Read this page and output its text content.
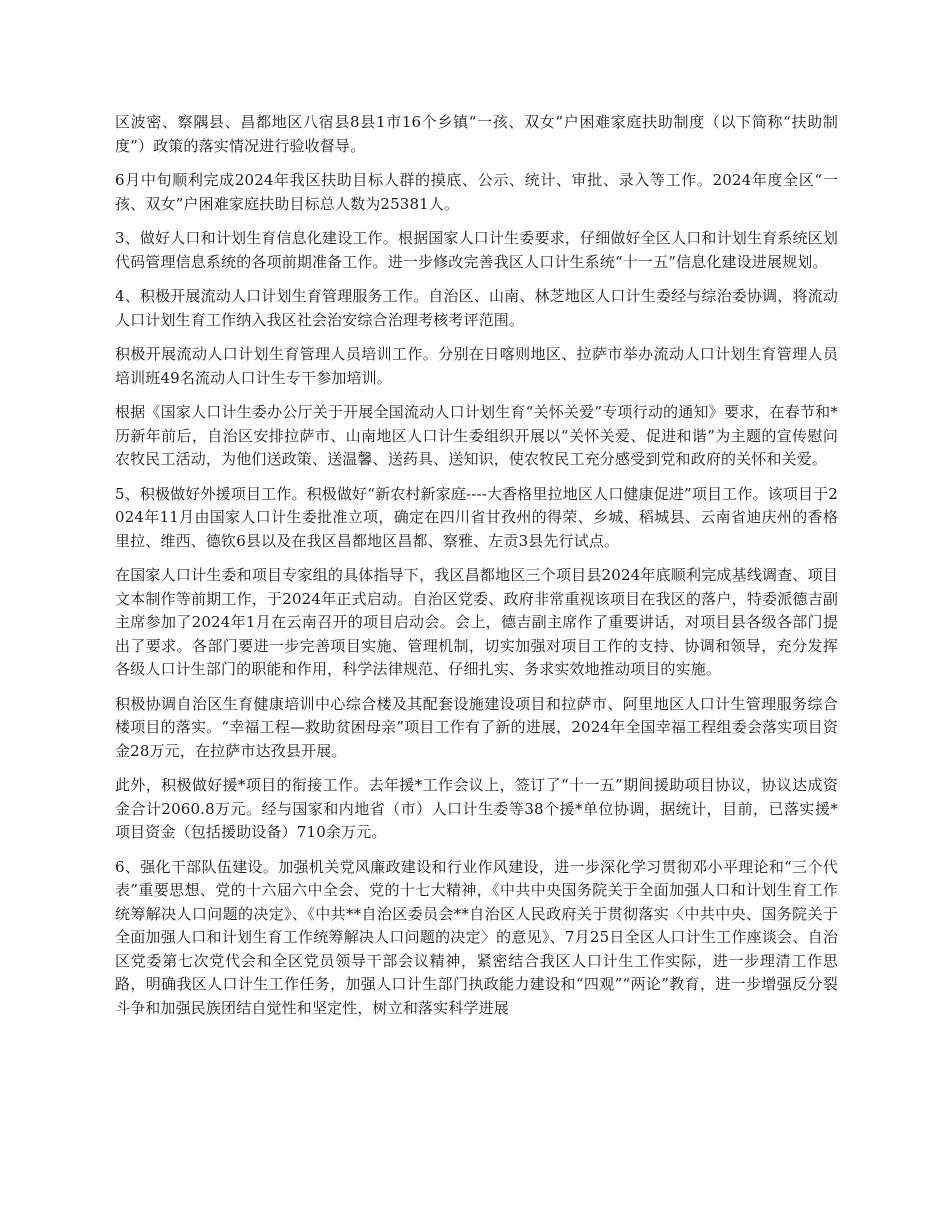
区波密、察隅县、昌都地区八宿县8县1市16个乡镇“一孩、双女”户困难家庭扶助制度（以下简称“扶助制度”）政策的落实情况进行验收督导。

6月中旬顺利完成2024年我区扶助目标人群的摸底、公示、统计、审批、录入等工作。2024年度全区“一孩、双女”户困难家庭扶助目标总人数为25381人。

3、做好人口和计划生育信息化建设工作。根据国家人口计生委要求，仔细做好全区人口和计划生育系统区划代码管理信息系统的各项前期准备工作。进一步修改完善我区人口计生系统“十一五”信息化建设进展规划。

4、积极开展流动人口计划生育管理服务工作。自治区、山南、林芝地区人口计生委经与综治委协调，将流动人口计划生育工作纳入我区社会治安综合治理考核考评范围。

积极开展流动人口计划生育管理人员培训工作。分别在日喀则地区、拉萨市举办流动人口计划生育管理人员培训班49名流动人口计生专干参加培训。

根据《国家人口计生委办公厅关于开展全国流动人口计划生育“关怀关爱”专项行动的通知》要求，在春节和*历新年前后，自治区安排拉萨市、山南地区人口计生委组织开展以“关怀关爱、促进和谐”为主题的宣传慰问农牧民工活动，为他们送政策、送温馨、送药具、送知识，使农牧民工充分感受到党和政府的关怀和关爱。

5、积极做好外援项目工作。积极做好“新农村新家庭----大香格里拉地区人口健康促进”项目工作。该项目于2024年11月由国家人口计生委批准立项，确定在四川省甘孜州的得荣、乡城、稻城县、云南省迪庆州的香格里拉、维西、德钦6县以及在我区昌都地区昌都、察雅、左贡3县先行试点。

在国家人口计生委和项目专家组的具体指导下，我区昌都地区三个项目县2024年底顺利完成基线调查、项目文本制作等前期工作，于2024年正式启动。自治区党委、政府非常重视该项目在我区的落户，特委派德吉副主席参加了2024年1月在云南召开的项目启动会。会上，德吉副主席作了重要讲话，对项目县各级各部门提出了要求。各部门要进一步完善项目实施、管理机制，切实加强对项目工作的支持、协调和领导，充分发挥各级人口计生部门的职能和作用，科学法律规范、仔细扎实、务求实效地推动项目的实施。

积极协调自治区生育健康培训中心综合楼及其配套设施建设项目和拉萨市、阿里地区人口计生管理服务综合楼项目的落实。“幸福工程—救助贫困母亲”项目工作有了新的进展，2024年全国幸福工程组委会落实项目资金28万元，在拉萨市达孜县开展。

此外，积极做好援*项目的衔接工作。去年援*工作会议上，签订了“十一五”期间援助项目协议，协议达成资金合计2060.8万元。经与国家和内地省（市）人口计生委等38个援*单位协调，据统计，目前，已落实援*项目资金（包括援助设备）710余万元。

6、强化干部队伍建设。加强机关党风廉政建设和行业作风建设，进一步深化学习贯彻邓小平理论和“三个代表”重要思想、党的十六届六中全会、党的十七大精神，《中共中央国务院关于全面加强人口和计划生育工作统筹解决人口问题的决定》、《中共**自治区委员会**自治区人民政府关于贯彻落实〈中共中央、国务院关于全面加强人口和计划生育工作统筹解决人口问题的决定〉的意见》、7月25日全区人口计生工作座谈会、自治区党委第七次党代会和全区党员领导干部会议精神，紧密结合我区人口计生工作实际，进一步理清工作思路，明确我区人口计生工作任务，加强人口计生部门执政能力建设和“四观”“两论”教育，进一步增强反分裂斗争和加强民族团结自觉性和坚定性，树立和落实科学进展
